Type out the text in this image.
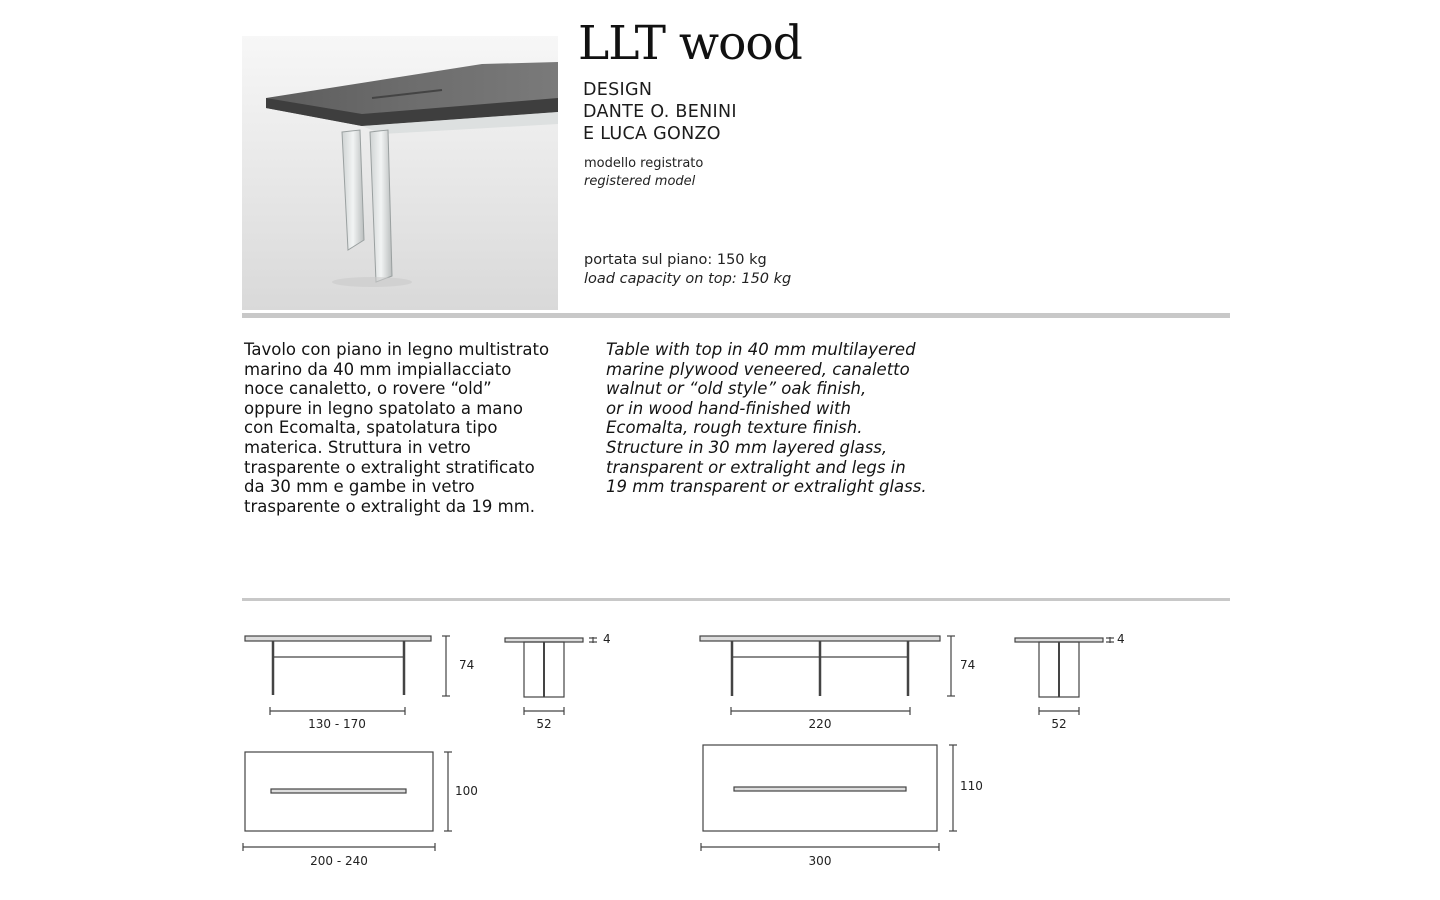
LLT wood
DESIGN
DANTE O. BENINI
E LUCA GONZO
modello registrato
registered model
portata sul piano: 150 kg
load capacity on top: 150 kg
Tavolo con piano in legno multistrato
marino da 40 mm impiallacciato
noce canaletto, o rovere “old”
oppure in legno spatolato a mano
con Ecomalta, spatolatura tipo
materica. Struttura in vetro
trasparente o extralight stratificato
da 30 mm e gambe in vetro
trasparente o extralight da 19 mm.
Table with top in 40 mm multilayered
marine plywood veneered, canaletto
walnut or “old style” oak finish,
or in wood hand-finished with
Ecomalta, rough texture finish.
Structure in 30 mm layered glass,
transparent or extralight and legs in
19 mm transparent or extralight glass.
130 - 170
74
52
4
200 - 240
100
220
74
52
4
300
110
